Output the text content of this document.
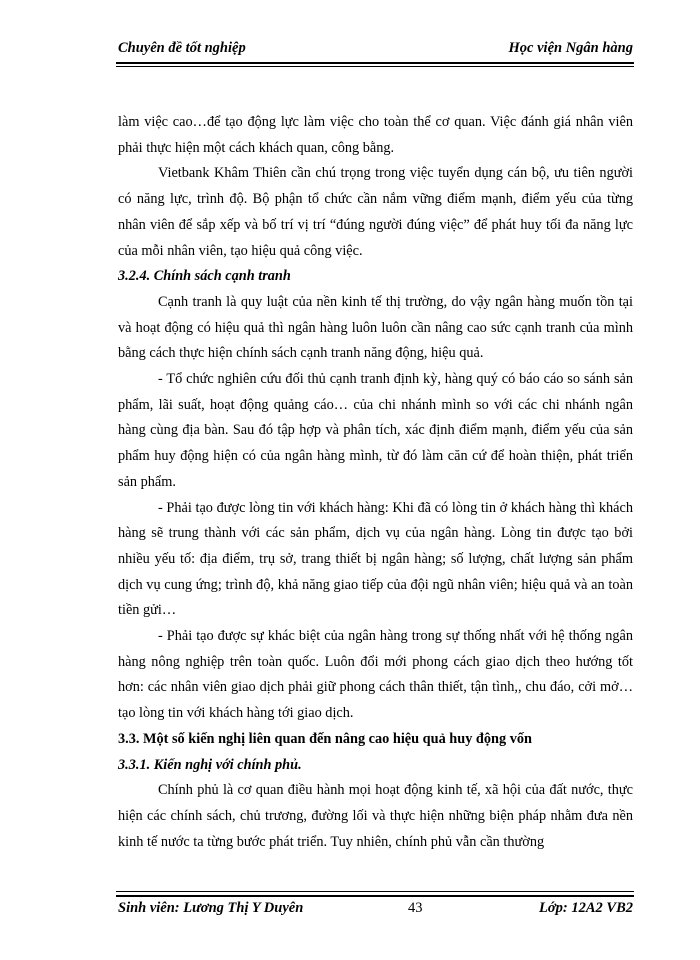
Chuyên đề tốt nghiệp	Học viện Ngân hàng

làm việc cao…để tạo động lực làm việc cho toàn thể cơ quan. Việc đánh giá nhân viên phải thực hiện một cách khách quan, công bằng.

Vietbank Khâm Thiên cần chú trọng trong việc tuyển dụng cán bộ, ưu tiên người có năng lực, trình độ. Bộ phận tổ chức cần nắm vững điểm mạnh, điểm yếu của từng nhân viên để sắp xếp và bố trí vị trí “đúng người đúng việc” để phát huy tối đa năng lực của mỗi nhân viên, tạo hiệu quả công việc.

3.2.4. Chính sách cạnh tranh

Cạnh tranh là quy luật của nền kinh tế thị trường, do vậy ngân hàng muốn tồn tại và hoạt động có hiệu quả thì ngân hàng luôn luôn cần nâng cao sức cạnh tranh của mình bằng cách thực hiện chính sách cạnh tranh năng động, hiệu quả.

- Tổ chức nghiên cứu đối thủ cạnh tranh định kỳ, hàng quý có báo cáo so sánh sản phẩm, lãi suất, hoạt động quảng cáo… của chi nhánh mình so với các chi nhánh ngân hàng cùng địa bàn. Sau đó tập hợp và phân tích, xác định điểm mạnh, điểm yếu của sản phẩm huy động hiện có của ngân hàng mình, từ đó làm căn cứ để hoàn thiện, phát triển sản phẩm.

- Phải tạo được lòng tin với khách hàng: Khi đã có lòng tin ở khách hàng thì khách hàng sẽ trung thành với các sản phẩm, dịch vụ của ngân hàng. Lòng tin được tạo bởi nhiều yếu tố: địa điểm, trụ sở, trang thiết bị ngân hàng; số lượng, chất lượng sản phẩm dịch vụ cung ứng; trình độ, khả năng giao tiếp của đội ngũ nhân viên; hiệu quả và an toàn tiền gửi…

- Phải tạo được sự khác biệt của ngân hàng trong sự thống nhất với hệ thống ngân hàng nông nghiệp trên toàn quốc. Luôn đổi mới phong cách giao dịch theo hướng tốt hơn: các nhân viên giao dịch phải giữ phong cách thân thiết, tận tình,, chu đáo, cởi mở… tạo lòng tin với khách hàng tới giao dịch.

3.3. Một số kiến nghị liên quan đến nâng cao hiệu quả huy động vốn

3.3.1. Kiến nghị với chính phủ.

Chính phủ là cơ quan điều hành mọi hoạt động kinh tế, xã hội của đất nước, thực hiện các chính sách, chủ trương, đường lối và thực hiện những biện pháp nhằm đưa nền kinh tế nước ta từng bước phát triển. Tuy nhiên, chính phủ vẫn cần thường

Sinh viên: Lương Thị Y Duyên	43	Lớp: 12A2 VB2
